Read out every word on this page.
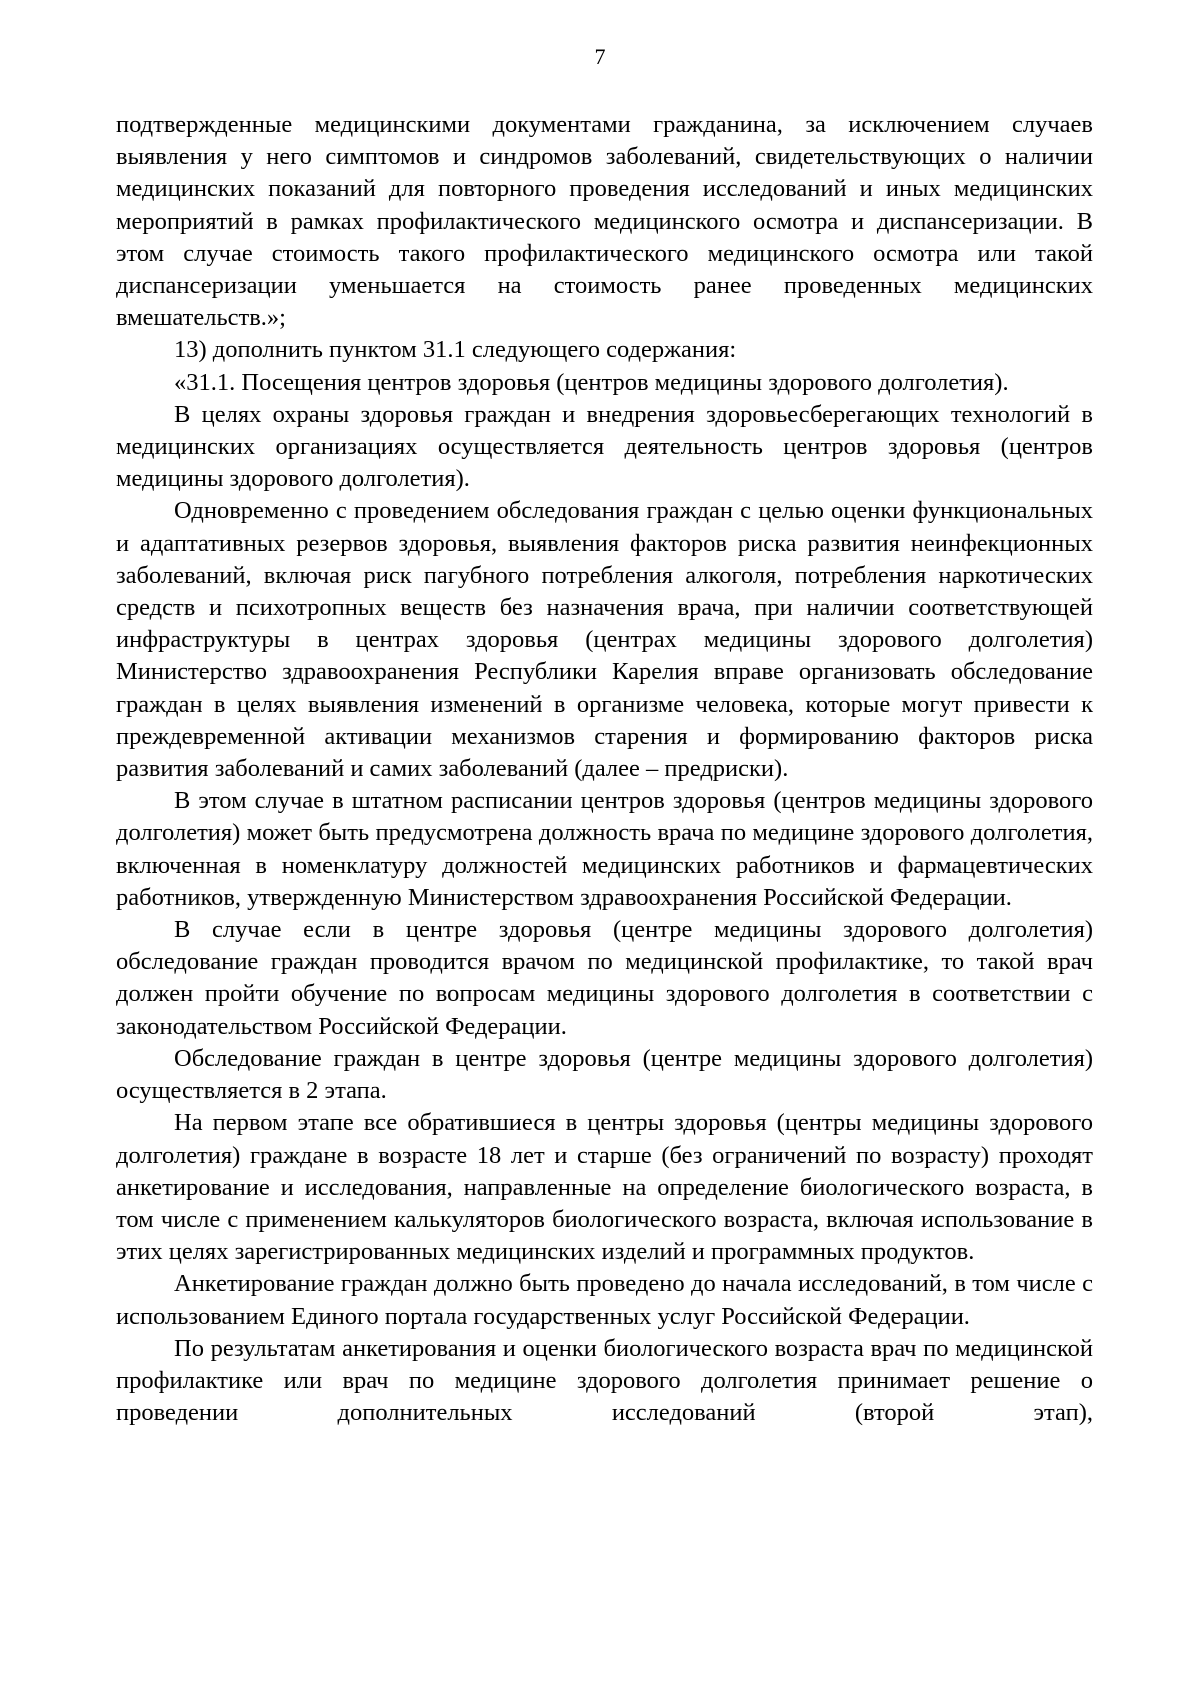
7

подтвержденные медицинскими документами гражданина, за исключением случаев выявления у него симптомов и синдромов заболеваний, свидетельствующих о наличии медицинских показаний для повторного проведения исследований и иных медицинских мероприятий в рамках профилактического медицинского осмотра и диспансеризации. В этом случае стоимость такого профилактического медицинского осмотра или такой диспансеризации уменьшается на стоимость ранее проведенных медицинских вмешательств.»;

13) дополнить пунктом 31.1 следующего содержания:

«31.1. Посещения центров здоровья (центров медицины здорового долголетия).

В целях охраны здоровья граждан и внедрения здоровьесберегающих технологий в медицинских организациях осуществляется деятельность центров здоровья (центров медицины здорового долголетия).

Одновременно с проведением обследования граждан с целью оценки функциональных и адаптативных резервов здоровья, выявления факторов риска развития неинфекционных заболеваний, включая риск пагубного потребления алкоголя, потребления наркотических средств и психотропных веществ без назначения врача, при наличии соответствующей инфраструктуры в центрах здоровья (центрах медицины здорового долголетия) Министерство здравоохранения Республики Карелия вправе организовать обследование граждан в целях выявления изменений в организме человека, которые могут привести к преждевременной активации механизмов старения и формированию факторов риска развития заболеваний и самих заболеваний (далее – предриски).

В этом случае в штатном расписании центров здоровья (центров медицины здорового долголетия) может быть предусмотрена должность врача по медицине здорового долголетия, включенная в номенклатуру должностей медицинских работников и фармацевтических работников, утвержденную Министерством здравоохранения Российской Федерации.

В случае если в центре здоровья (центре медицины здорового долголетия) обследование граждан проводится врачом по медицинской профилактике, то такой врач должен пройти обучение по вопросам медицины здорового долголетия в соответствии с законодательством Российской Федерации.

Обследование граждан в центре здоровья (центре медицины здорового долголетия) осуществляется в 2 этапа.

На первом этапе все обратившиеся в центры здоровья (центры медицины здорового долголетия) граждане в возрасте 18 лет и старше (без ограничений по возрасту) проходят анкетирование и исследования, направленные на определение биологического возраста, в том числе с применением калькуляторов биологического возраста, включая использование в этих целях зарегистрированных медицинских изделий и программных продуктов.

Анкетирование граждан должно быть проведено до начала исследований, в том числе с использованием Единого портала государственных услуг Российской Федерации.

По результатам анкетирования и оценки биологического возраста врач по медицинской профилактике или врач по медицине здорового долголетия принимает решение о проведении дополнительных исследований (второй этап),
